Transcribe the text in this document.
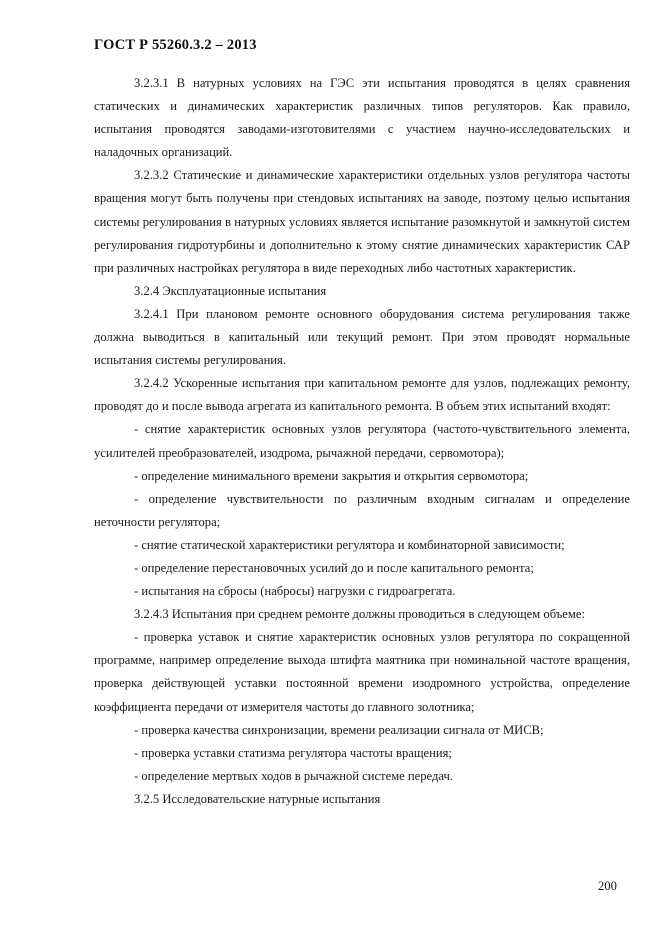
ГОСТ Р 55260.3.2 – 2013

3.2.3.1 В натурных условиях на ГЭС эти испытания проводятся в целях сравнения статических и динамических характеристик различных типов регуляторов. Как правило, испытания проводятся заводами-изготовителями с участием научно-исследовательских и наладочных организаций.

3.2.3.2 Статические и динамические характеристики отдельных узлов регулятора частоты вращения могут быть получены при стендовых испытаниях на заводе, поэтому целью испытания системы регулирования в натурных условиях является испытание разомкнутой и замкнутой систем регулирования гидротурбины и дополнительно к этому снятие динамических характеристик САР при различных настройках регулятора в виде переходных либо частотных характеристик.

3.2.4 Эксплуатационные испытания

3.2.4.1 При плановом ремонте основного оборудования система регулирования также должна выводиться в капитальный или текущий ремонт. При этом проводят нормальные испытания системы регулирования.

3.2.4.2 Ускоренные испытания при капитальном ремонте для узлов, подлежащих ремонту, проводят до и после вывода агрегата из капитального ремонта. В объем этих испытаний входят:

- снятие характеристик основных узлов регулятора (частото-чувствительного элемента, усилителей преобразователей, изодрома, рычажной передачи, сервомотора);

- определение минимального времени закрытия и открытия сервомотора;

- определение чувствительности по различным входным сигналам и определение неточности регулятора;

- снятие статической характеристики регулятора и комбинаторной зависимости;

- определение перестановочных усилий до и после капитального ремонта;

- испытания на сбросы (набросы) нагрузки с гидроагрегата.

3.2.4.3 Испытания при среднем ремонте должны проводиться в следующем объеме:

- проверка уставок и снятие характеристик основных узлов регулятора по сокращенной программе, например определение выхода штифта маятника при номинальной частоте вращения, проверка действующей уставки постоянной времени изодромного устройства, определение коэффициента передачи от измерителя частоты до главного золотника;

- проверка качества синхронизации, времени реализации сигнала от МИСВ;

- проверка уставки статизма регулятора частоты вращения;

- определение мертвых ходов в рычажной системе передач.

3.2.5 Исследовательские натурные испытания

200
